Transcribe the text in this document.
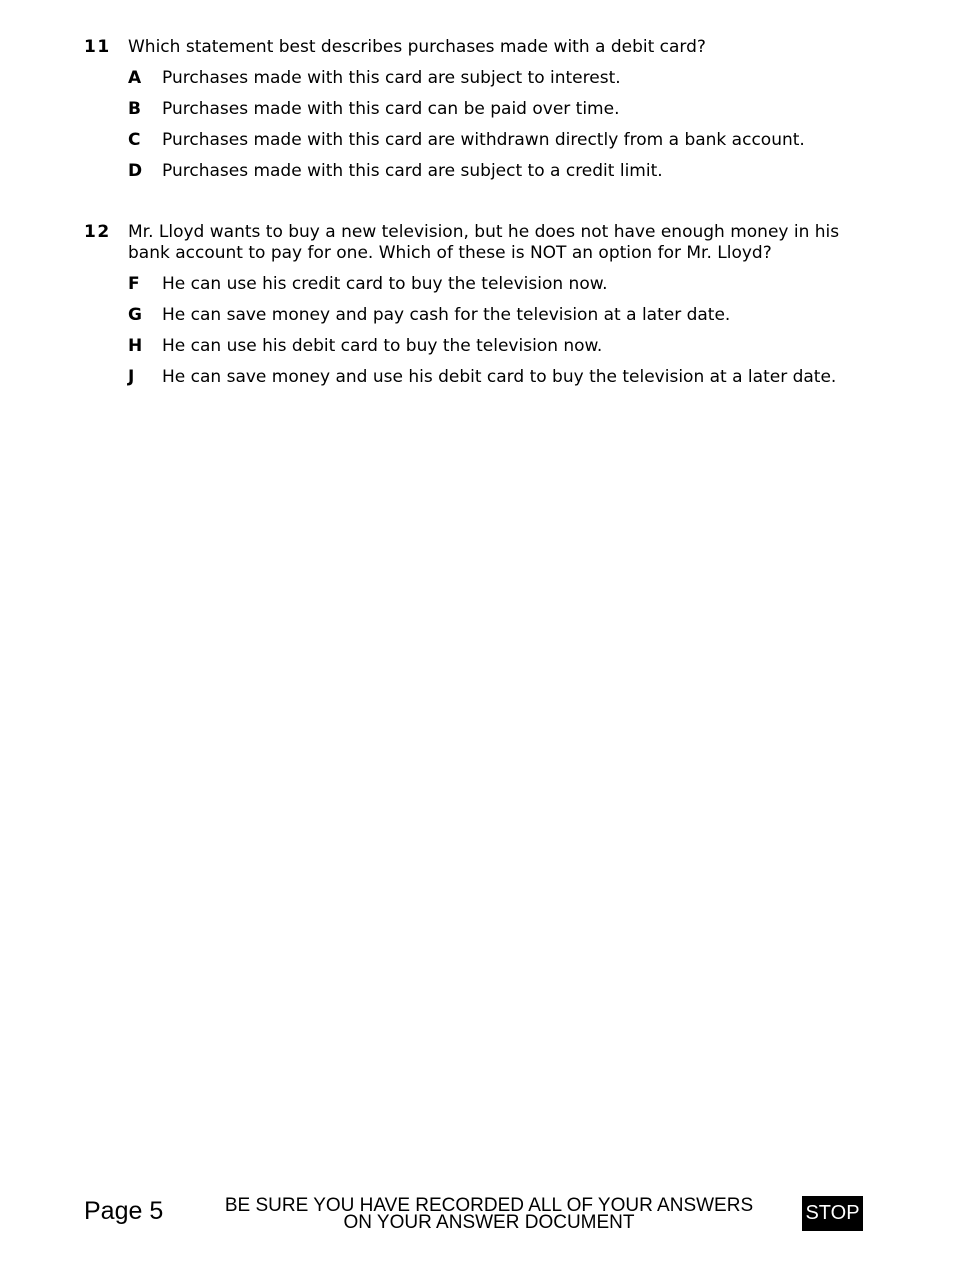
11	Which statement best describes purchases made with a debit card?
A	Purchases made with this card are subject to interest.
B	Purchases made with this card can be paid over time.
C	Purchases made with this card are withdrawn directly from a bank account.
D	Purchases made with this card are subject to a credit limit.
12	Mr. Lloyd wants to buy a new television, but he does not have enough money in his bank account to pay for one. Which of these is NOT an option for Mr. Lloyd?
F	He can use his credit card to buy the television now.
G	He can save money and pay cash for the television at a later date.
H	He can use his debit card to buy the television now.
J	He can save money and use his debit card to buy the television at a later date.
Page 5	BE SURE YOU HAVE RECORDED ALL OF YOUR ANSWERS
ON YOUR ANSWER DOCUMENT	STOP
